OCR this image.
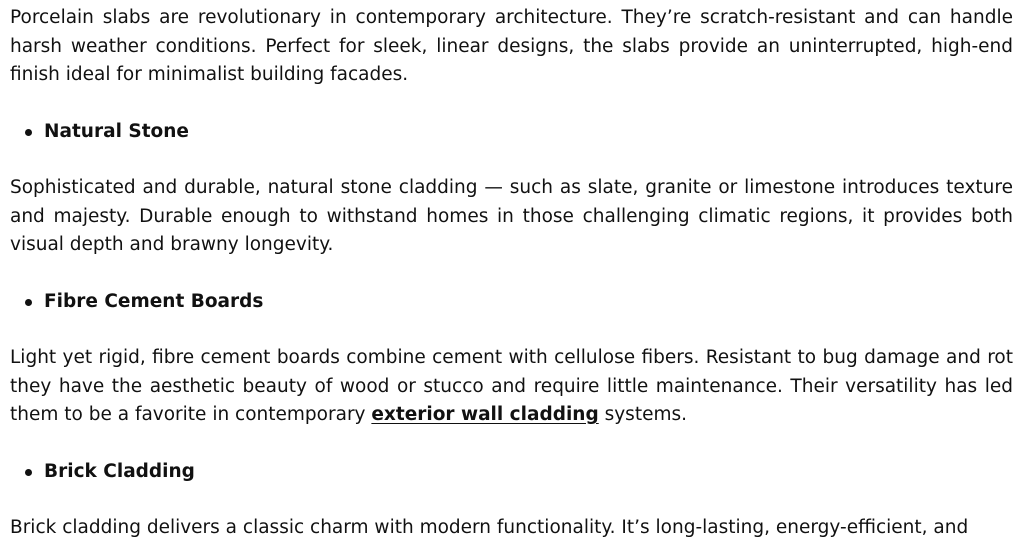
Porcelain slabs are revolutionary in contemporary architecture. They’re scratch-resistant and can handle harsh weather conditions. Perfect for sleek, linear designs, the slabs provide an uninterrupted, high-end finish ideal for minimalist building facades.

Natural Stone

Sophisticated and durable, natural stone cladding — such as slate, granite or limestone introduces texture and majesty. Durable enough to withstand homes in those challenging climatic regions, it provides both visual depth and brawny longevity.

Fibre Cement Boards

Light yet rigid, fibre cement boards combine cement with cellulose fibers. Resistant to bug damage and rot they have the aesthetic beauty of wood or stucco and require little maintenance. Their versatility has led them to be a favorite in contemporary exterior wall cladding systems.

Brick Cladding

Brick cladding delivers a classic charm with modern functionality. It’s long-lasting, energy-efficient, and
